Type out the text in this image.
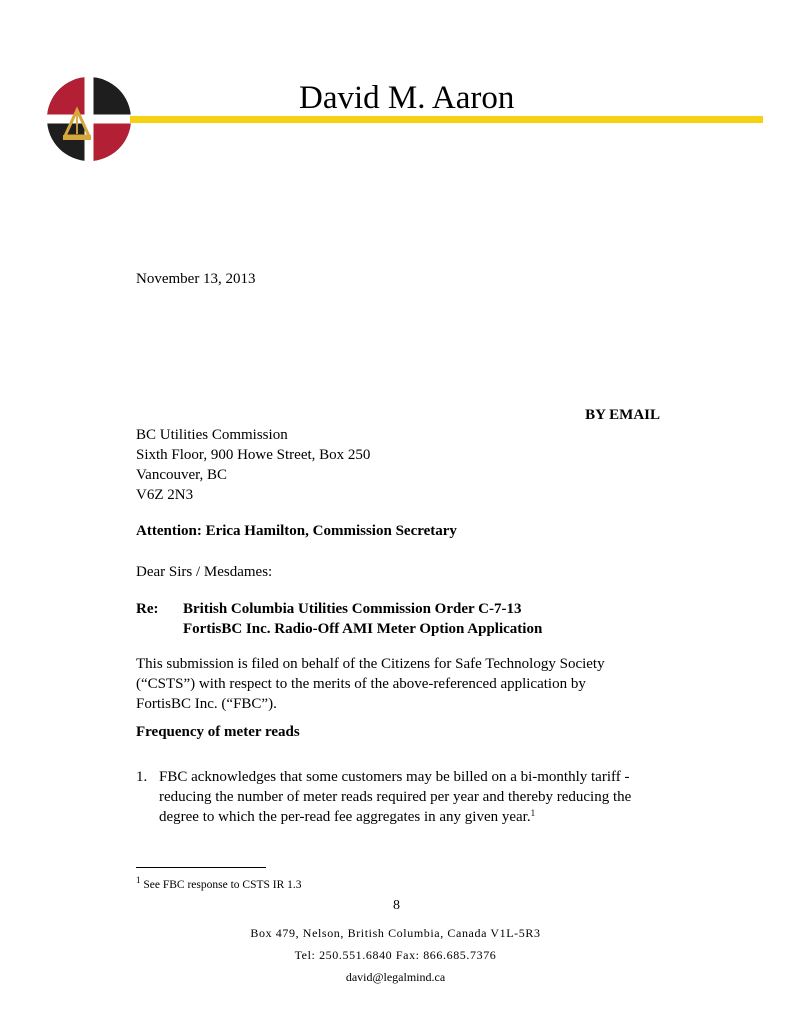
David M. Aaron
November 13, 2013
BY EMAIL
BC Utilities Commission
Sixth Floor, 900 Howe Street, Box 250
Vancouver, BC
V6Z 2N3
Attention: Erica Hamilton, Commission Secretary
Dear Sirs / Mesdames:
Re: British Columbia Utilities Commission Order C-7-13
FortisBC Inc. Radio-Off AMI Meter Option Application
This submission is filed on behalf of the Citizens for Safe Technology Society
(“CSTS”) with respect to the merits of the above-referenced application by
FortisBC Inc. (“FBC”).
Frequency of meter reads
1. FBC acknowledges that some customers may be billed on a bi-monthly tariff -
reducing the number of meter reads required per year and thereby reducing the
degree to which the per-read fee aggregates in any given year.$^1$
$^1$ See FBC response to CSTS IR 1.3
8
Box 479, Nelson, British Columbia, Canada V1L-5R3
Tel: 250.551.6840 Fax: 866.685.7376
david@legalmind.ca
